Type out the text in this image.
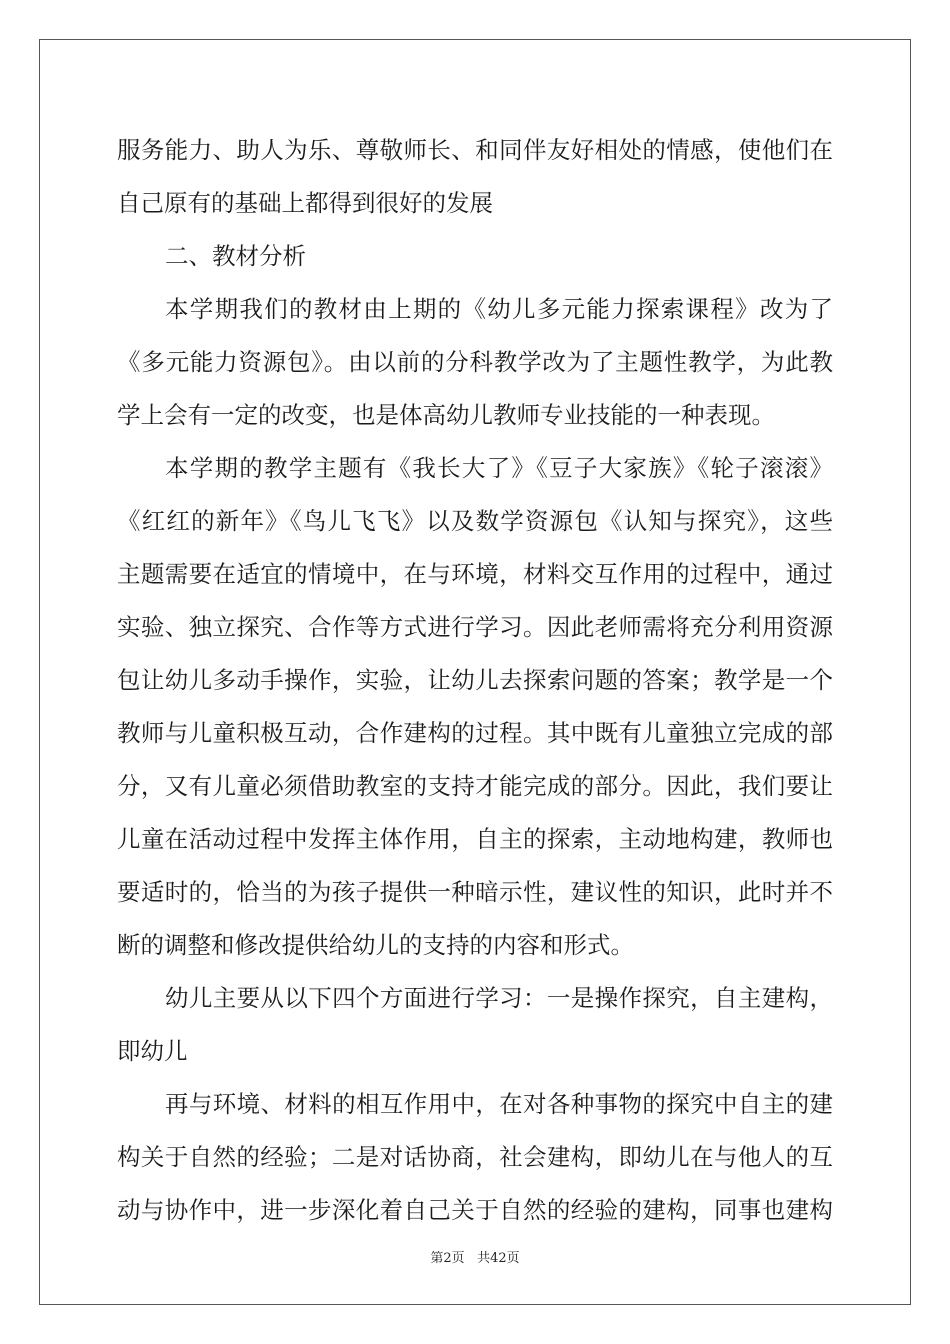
服务能力、助人为乐、尊敬师长、和同伴友好相处的情感，使他们在
自己原有的基础上都得到很好的发展
二、教材分析
本学期我们的教材由上期的《幼儿多元能力探索课程》改为了
《多元能力资源包》。由以前的分科教学改为了主题性教学，为此教
学上会有一定的改变，也是体高幼儿教师专业技能的一种表现。
本学期的教学主题有《我长大了》《豆子大家族》《轮子滚滚》
《红红的新年》《鸟儿飞飞》以及数学资源包《认知与探究》，这些
主题需要在适宜的情境中，在与环境，材料交互作用的过程中，通过
实验、独立探究、合作等方式进行学习。因此老师需将充分利用资源
包让幼儿多动手操作，实验，让幼儿去探索问题的答案；教学是一个
教师与儿童积极互动，合作建构的过程。其中既有儿童独立完成的部
分，又有儿童必须借助教室的支持才能完成的部分。因此，我们要让
儿童在活动过程中发挥主体作用，自主的探索，主动地构建，教师也
要适时的，恰当的为孩子提供一种暗示性，建议性的知识，此时并不
断的调整和修改提供给幼儿的支持的内容和形式。
幼儿主要从以下四个方面进行学习：一是操作探究，自主建构，
即幼儿
再与环境、材料的相互作用中，在对各种事物的探究中自主的建
构关于自然的经验；二是对话协商，社会建构，即幼儿在与他人的互
动与协作中，进一步深化着自己关于自然的经验的建构，同事也建构
第2页 共42页
